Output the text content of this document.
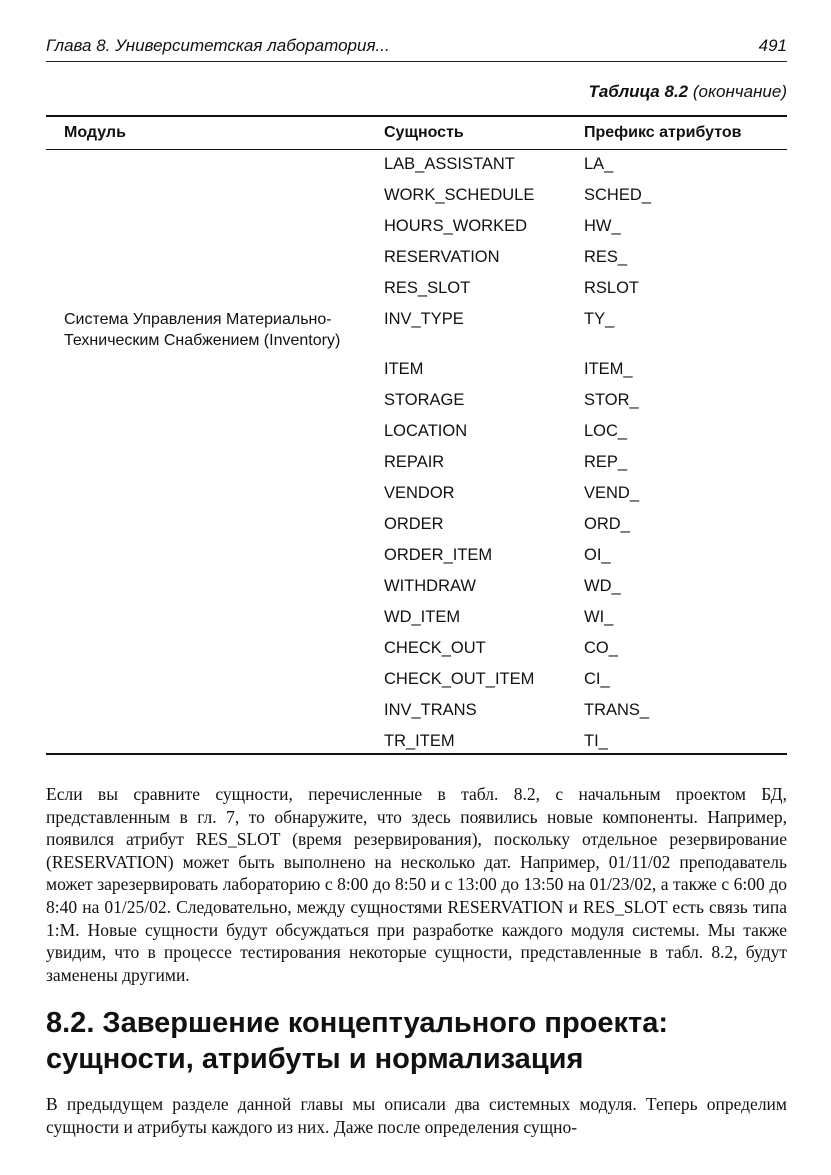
Глава 8. Университетская лаборатория...	491
Таблица 8.2 (окончание)
Модуль	Сущность	Префикс атрибутов
Система Управления Материально-
Техническим Снабжением (Inventory)
LAB_ASSISTANT	LA_
WORK_SCHEDULE	SCHED_
HOURS_WORKED	HW_
RESERVATION	RES_
RES_SLOT	RSLOT
INV_TYPE	TY_
ITEM	ITEM_
STORAGE	STOR_
LOCATION	LOC_
REPAIR	REP_
VENDOR	VEND_
ORDER	ORD_
ORDER_ITEM	OI_
WITHDRAW	WD_
WD_ITEM	WI_
CHECK_OUT	CO_
CHECK_OUT_ITEM	CI_
INV_TRANS	TRANS_
TR_ITEM	TI_
Если вы сравните сущности, перечисленные в табл. 8.2, с начальным проектом БД, представленным в гл. 7, то обнаружите, что здесь появились новые компоненты. Например, появился атрибут RES_SLOT (время резервирования), поскольку отдельное резервирование (RESERVATION) может быть выполнено на несколько дат. Например, 01/11/02 преподаватель может зарезервировать лабораторию с 8:00 до 8:50 и с 13:00 до 13:50 на 01/23/02, а также с 6:00 до 8:40 на 01/25/02. Следовательно, между сущностями RESERVATION и RES_SLOT есть связь типа 1:M. Новые сущности будут обсуждаться при разработке каждого модуля системы. Мы также увидим, что в процессе тестирования некоторые сущности, представленные в табл. 8.2, будут заменены другими.
8.2. Завершение концептуального проекта:
сущности, атрибуты и нормализация
В предыдущем разделе данной главы мы описали два системных модуля. Теперь определим сущности и атрибуты каждого из них. Даже после определения сущно-
